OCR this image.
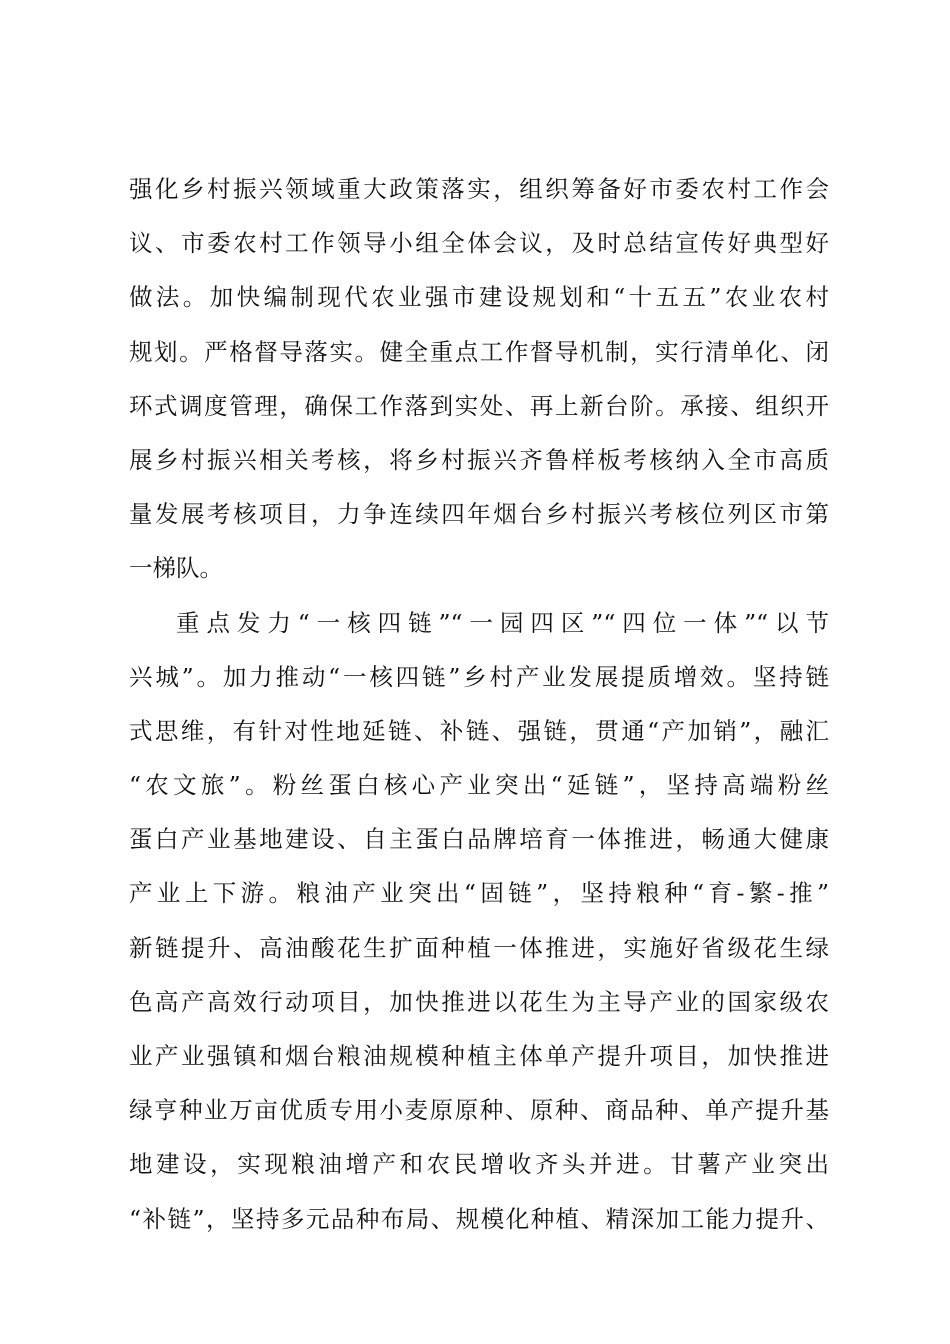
强化乡村振兴领域重大政策落实，组织筹备好市委农村工作会
议、市委农村工作领导小组全体会议，及时总结宣传好典型好
做法。加快编制现代农业强市建设规划和“十五五”农业农村
规划。严格督导落实。健全重点工作督导机制，实行清单化、闭
环式调度管理，确保工作落到实处、再上新台阶。承接、组织开
展乡村振兴相关考核，将乡村振兴齐鲁样板考核纳入全市高质
量发展考核项目，力争连续四年烟台乡村振兴考核位列区市第
一梯队。
重点发力“一核四链”“一园四区”“四位一体”“以节
兴城”。加力推动“一核四链”乡村产业发展提质增效。坚持链
式思维，有针对性地延链、补链、强链，贯通“产加销”，融汇
“农文旅”。粉丝蛋白核心产业突出“延链”，坚持高端粉丝
蛋白产业基地建设、自主蛋白品牌培育一体推进，畅通大健康
产业上下游。粮油产业突出“固链”，坚持粮种“育-繁-推”
新链提升、高油酸花生扩面种植一体推进，实施好省级花生绿
色高产高效行动项目，加快推进以花生为主导产业的国家级农
业产业强镇和烟台粮油规模种植主体单产提升项目，加快推进
绿亨种业万亩优质专用小麦原原种、原种、商品种、单产提升基
地建设，实现粮油增产和农民增收齐头并进。甘薯产业突出
“补链”，坚持多元品种布局、规模化种植、精深加工能力提升、
